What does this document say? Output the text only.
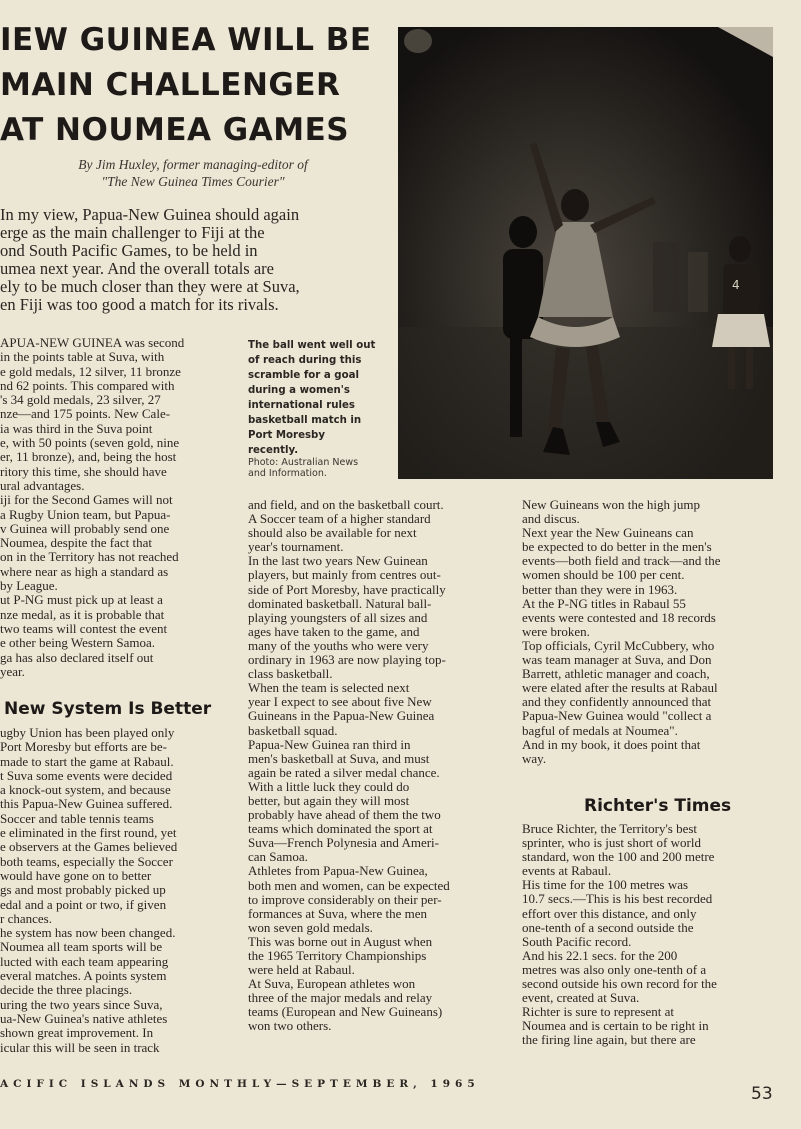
IEW GUINEA WILL BE
MAIN CHALLENGER
AT NOUMEA GAMES
By Jim Huxley, former managing-editor of
"The New Guinea Times Courier"
In my view, Papua-New Guinea should again
erge as the main challenger to Fiji at the
ond South Pacific Games, to be held in
umea next year. And the overall totals are
ely to be much closer than they were at Suva,
en Fiji was too good a match for its rivals.
APUA-NEW GUINEA was second
in the points table at Suva, with
e gold medals, 12 silver, 11 bronze
nd 62 points. This compared with
's 34 gold medals, 23 silver, 27
nze—and 175 points. New Cale-
ia was third in the Suva point
e, with 50 points (seven gold, nine
er, 11 bronze), and, being the host
ritory this time, she should have
ural advantages.
iji for the Second Games will not
a Rugby Union team, but Papua-
v Guinea will probably send one
Noumea, despite the fact that
on in the Territory has not reached
where near as high a standard as
by League.
ut P-NG must pick up at least a
nze medal, as it is probable that
two teams will contest the event
e other being Western Samoa.
ga has also declared itself out
year.
New System Is Better
ugby Union has been played only
Port Moresby but efforts are be-
made to start the game at Rabaul.
t Suva some events were decided
a knock-out system, and because
this Papua-New Guinea suffered.
Soccer and table tennis teams
e eliminated in the first round, yet
e observers at the Games believed
both teams, especially the Soccer
would have gone on to better
gs and most probably picked up
edal and a point or two, if given
r chances.
he system has now been changed.
Noumea all team sports will be
lucted with each team appearing
everal matches. A points system
decide the three placings.
uring the two years since Suva,
ua-New Guinea's native athletes
shown great improvement. In
icular this will be seen in track
The ball went well out of reach during this scramble for a goal during a women's international rules basketball match in Port Moresby recently.
Photo: Australian News and Information.
4
and field, and on the basketball court.
A Soccer team of a higher standard
should also be available for next
year's tournament.
In the last two years New Guinean
players, but mainly from centres out-
side of Port Moresby, have practically
dominated basketball. Natural ball-
playing youngsters of all sizes and
ages have taken to the game, and
many of the youths who were very
ordinary in 1963 are now playing top-
class basketball.
When the team is selected next
year I expect to see about five New
Guineans in the Papua-New Guinea
basketball squad.
Papua-New Guinea ran third in
men's basketball at Suva, and must
again be rated a silver medal chance.
With a little luck they could do
better, but again they will most
probably have ahead of them the two
teams which dominated the sport at
Suva—French Polynesia and Ameri-
can Samoa.
Athletes from Papua-New Guinea,
both men and women, can be expected
to improve considerably on their per-
formances at Suva, where the men
won seven gold medals.
This was borne out in August when
the 1965 Territory Championships
were held at Rabaul.
At Suva, European athletes won
three of the major medals and relay
teams (European and New Guineans)
won two others.
New Guineans won the high jump
and discus.
Next year the New Guineans can
be expected to do better in the men's
events—both field and track—and the
women should be 100 per cent.
better than they were in 1963.
At the P-NG titles in Rabaul 55
events were contested and 18 records
were broken.
Top officials, Cyril McCubbery, who
was team manager at Suva, and Don
Barrett, athletic manager and coach,
were elated after the results at Rabaul
and they confidently announced that
Papua-New Guinea would "collect a
bagful of medals at Noumea".
And in my book, it does point that
way.
Richter's Times
Bruce Richter, the Territory's best
sprinter, who is just short of world
standard, won the 100 and 200 metre
events at Rabaul.
His time for the 100 metres was
10.7 secs.—This is his best recorded
effort over this distance, and only
one-tenth of a second outside the
South Pacific record.
And his 22.1 secs. for the 200
metres was also only one-tenth of a
second outside his own record for the
event, created at Suva.
Richter is sure to represent at
Noumea and is certain to be right in
the firing line again, but there are
ACIFIC ISLANDS MONTHLY—SEPTEMBER, 1965	53
